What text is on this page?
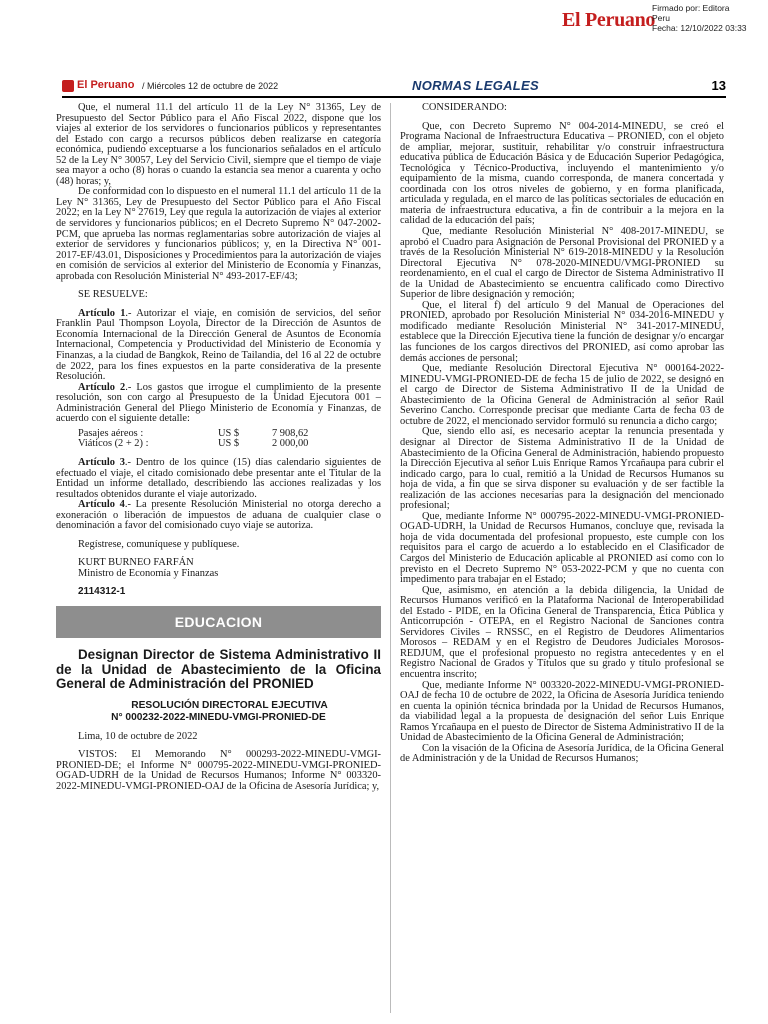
El Peruano
Firmado por: Editora
Peru
Fecha: 12/10/2022 03:33
El Peruano / Miércoles 12 de octubre de 2022	NORMAS LEGALES	13

Que, el numeral 11.1 del artículo 11 de la Ley N° 31365, Ley de Presupuesto del Sector Público para el Año Fiscal 2022, dispone que los viajes al exterior de los servidores o funcionarios públicos y representantes del Estado con cargo a recursos públicos deben realizarse en categoría económica, pudiendo exceptuarse a los funcionarios señalados en el artículo 52 de la Ley N° 30057, Ley del Servicio Civil, siempre que el tiempo de viaje sea mayor a ocho (8) horas o cuando la estancia sea menor a cuarenta y ocho (48) horas; y,

De conformidad con lo dispuesto en el numeral 11.1 del artículo 11 de la Ley N° 31365, Ley de Presupuesto del Sector Público para el Año Fiscal 2022; en la Ley N° 27619, Ley que regula la autorización de viajes al exterior de servidores y funcionarios públicos; en el Decreto Supremo N° 047-2002-PCM, que aprueba las normas reglamentarias sobre autorización de viajes al exterior de servidores y funcionarios públicos; y, en la Directiva N° 001-2017-EF/43.01, Disposiciones y Procedimientos para la autorización de viajes en comisión de servicios al exterior del Ministerio de Economía y Finanzas, aprobada con Resolución Ministerial N° 493-2017-EF/43;

SE RESUELVE:

Artículo 1.- Autorizar el viaje, en comisión de servicios, del señor Franklin Paul Thompson Loyola, Director de la Dirección de Asuntos de Economía Internacional de la Dirección General de Asuntos de Economía Internacional, Competencia y Productividad del Ministerio de Economía y Finanzas, a la ciudad de Bangkok, Reino de Tailandia, del 16 al 22 de octubre de 2022, para los fines expuestos en la parte considerativa de la presente Resolución.

Artículo 2.- Los gastos que irrogue el cumplimiento de la presente resolución, son con cargo al Presupuesto de la Unidad Ejecutora 001 – Administración General del Pliego Ministerio de Economía y Finanzas, de acuerdo con el siguiente detalle:

Pasajes aéreos :	US $	7 908,62
Viáticos (2 + 2) :	US $	2 000,00

Artículo 3.- Dentro de los quince (15) días calendario siguientes de efectuado el viaje, el citado comisionado debe presentar ante el Titular de la Entidad un informe detallado, describiendo las acciones realizadas y los resultados obtenidos durante el viaje autorizado.

Artículo 4.- La presente Resolución Ministerial no otorga derecho a exoneración o liberación de impuestos de aduana de cualquier clase o denominación a favor del comisionado cuyo viaje se autoriza.

Regístrese, comuníquese y publíquese.

KURT BURNEO FARFÁN

Ministro de Economía y Finanzas

2114312-1

EDUCACION

Designan Director de Sistema Administrativo II de la Unidad de Abastecimiento de la Oficina General de Administración del PRONIED

RESOLUCIÓN DIRECTORAL EJECUTIVA
N° 000232-2022-MINEDU-VMGI-PRONIED-DE

Lima, 10 de octubre de 2022

VISTOS: El Memorando N° 000293-2022-MINEDU-VMGI-PRONIED-DE; el Informe N° 000795-2022-MINEDU-VMGI-PRONIED-OGAD-UDRH de la Unidad de Recursos Humanos; Informe N° 003320-2022-MINEDU-VMGI-PRONIED-OAJ de la Oficina de Asesoría Jurídica; y,

CONSIDERANDO:

Que, con Decreto Supremo N° 004-2014-MINEDU, se creó el Programa Nacional de Infraestructura Educativa – PRONIED, con el objeto de ampliar, mejorar, sustituir, rehabilitar y/o construir infraestructura educativa pública de Educación Básica y de Educación Superior Pedagógica, Tecnológica y Técnico-Productiva, incluyendo el mantenimiento y/o equipamiento de la misma, cuando corresponda, de manera concertada y coordinada con los otros niveles de gobierno, y en forma planificada, articulada y regulada, en el marco de las políticas sectoriales de educación en materia de infraestructura educativa, a fin de contribuir a la mejora en la calidad de la educación del país;

Que, mediante Resolución Ministerial N° 408-2017-MINEDU, se aprobó el Cuadro para Asignación de Personal Provisional del PRONIED y a través de la Resolución Ministerial N° 619-2018-MINEDU y la Resolución Directoral Ejecutiva N° 078-2020-MINEDU/VMGI-PRONIED su reordenamiento, en el cual el cargo de Director de Sistema Administrativo II de la Unidad de Abastecimiento se encuentra calificado como Directivo Superior de libre designación y remoción;

Que, el literal f) del artículo 9 del Manual de Operaciones del PRONIED, aprobado por Resolución Ministerial N° 034-2016-MINEDU y modificado mediante Resolución Ministerial N° 341-2017-MINEDU, establece que la Dirección Ejecutiva tiene la función de designar y/o encargar las funciones de los cargos directivos del PRONIED, así como aprobar las demás acciones de personal;

Que, mediante Resolución Directoral Ejecutiva N° 000164-2022-MINEDU-VMGI-PRONIED-DE de fecha 15 de julio de 2022, se designó en el cargo de Director de Sistema Administrativo II de la Unidad de Abastecimiento de la Oficina General de Administración al señor Raúl Severino Cancho. Corresponde precisar que mediante Carta de fecha 03 de octubre de 2022, el mencionado servidor formuló su renuncia a dicho cargo;

Que, siendo ello así, es necesario aceptar la renuncia presentada y designar al Director de Sistema Administrativo II de la Unidad de Abastecimiento de la Oficina General de Administración, habiendo propuesto la Dirección Ejecutiva al señor Luis Enrique Ramos Yrcañaupa para cubrir el indicado cargo, para lo cual, remitió a la Unidad de Recursos Humanos su hoja de vida, a fin que se sirva disponer su evaluación y de ser factible la realización de las acciones necesarias para la designación del mencionado profesional;

Que, mediante Informe N° 000795-2022-MINEDU-VMGI-PRONIED-OGAD-UDRH, la Unidad de Recursos Humanos, concluye que, revisada la hoja de vida documentada del profesional propuesto, este cumple con los requisitos para el cargo de acuerdo a lo establecido en el Clasificador de Cargos del Ministerio de Educación aplicable al PRONIED así como con lo previsto en el Decreto Supremo N° 053-2022-PCM y que no cuenta con impedimento para trabajar en el Estado;

Que, asimismo, en atención a la debida diligencia, la Unidad de Recursos Humanos verificó en la Plataforma Nacional de Interoperabilidad del Estado - PIDE, en la Oficina General de Transparencia, Ética Pública y Anticorrupción - OTEPA, en el Registro Nacional de Sanciones contra Servidores Civiles – RNSSC, en el Registro de Deudores Alimentarios Morosos – REDAM y en el Registro de Deudores Judiciales Morosos- REDJUM, que el profesional propuesto no registra antecedentes y en el Registro Nacional de Grados y Títulos que su grado y título profesional se encuentra inscrito;

Que, mediante Informe N° 003320-2022-MINEDU-VMGI-PRONIED-OAJ de fecha 10 de octubre de 2022, la Oficina de Asesoría Jurídica teniendo en cuenta la opinión técnica brindada por la Unidad de Recursos Humanos, da viabilidad legal a la propuesta de designación del señor Luis Enrique Ramos Yrcañaupa en el puesto de Director de Sistema Administrativo II de la Unidad de Abastecimiento de la Oficina General de Administración;

Con la visación de la Oficina de Asesoría Jurídica, de la Oficina General de Administración y de la Unidad de Recursos Humanos;
